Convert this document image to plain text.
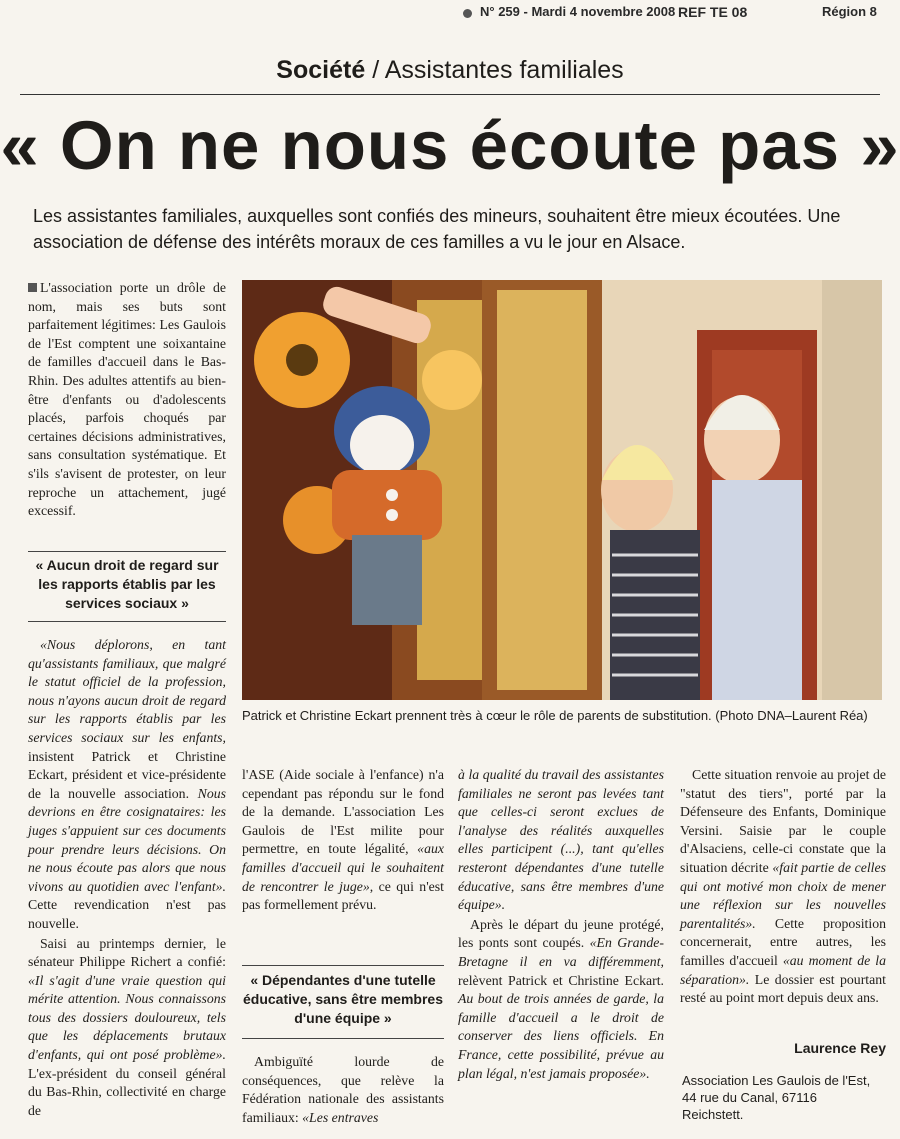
N° 259 - Mardi 4 novembre 2008 REF TE 08	Région 8
Société / Assistantes familiales
« On ne nous écoute pas »
Les assistantes familiales, auxquelles sont confiés des mineurs, souhaitent être mieux écoutées. Une association de défense des intérêts moraux de ces familles a vu le jour en Alsace.

L'association porte un drôle de nom, mais ses buts sont parfaitement légitimes: Les Gaulois de l'Est comptent une soixantaine de familles d'accueil dans le Bas-Rhin. Des adultes attentifs au bien-être d'enfants ou d'adolescents placés, parfois choqués par certaines décisions administratives, sans consultation systématique. Et s'ils s'avisent de protester, on leur reproche un attachement, jugé excessif.

« Aucun droit de regard sur les rapports établis par les services sociaux »

«Nous déplorons, en tant qu'assistants familiaux, que malgré le statut officiel de la profession, nous n'ayons aucun droit de regard sur les rapports établis par les services sociaux sur les enfants, insistent Patrick et Christine Eckart, président et vice-présidente de la nouvelle association. Nous devrions en être cosignataires: les juges s'appuient sur ces documents pour prendre leurs décisions. On ne nous écoute pas alors que nous vivons au quotidien avec l'enfant». Cette revendication n'est pas nouvelle.

Saisi au printemps dernier, le sénateur Philippe Richert a confié: «Il s'agit d'une vraie question qui mérite attention. Nous connaissons tous des dossiers douloureux, tels que les déplacements brutaux d'enfants, qui ont posé problème». L'ex-président du conseil général du Bas-Rhin, collectivité en charge de

Patrick et Christine Eckart prennent très à cœur le rôle de parents de substitution. (Photo DNA–Laurent Réa)

l'ASE (Aide sociale à l'enfance) n'a cependant pas répondu sur le fond de la demande. L'association Les Gaulois de l'Est milite pour permettre, en toute légalité, «aux familles d'accueil qui le souhaitent de rencontrer le juge», ce qui n'est pas formellement prévu.

« Dépendantes d'une tutelle éducative, sans être membres d'une équipe »

Ambiguïté lourde de conséquences, que relève la Fédération nationale des assistants familiaux: «Les entraves

à la qualité du travail des assistantes familiales ne seront pas levées tant que celles-ci seront exclues de l'analyse des réalités auxquelles elles participent (...), tant qu'elles resteront dépendantes d'une tutelle éducative, sans être membres d'une équipe».

Après le départ du jeune protégé, les ponts sont coupés. «En Grande-Bretagne il en va différemment, relèvent Patrick et Christine Eckart. Au bout de trois années de garde, la famille d'accueil a le droit de conserver des liens officiels. En France, cette possibilité, prévue au plan légal, n'est jamais proposée».

Cette situation renvoie au projet de "statut des tiers", porté par la Défenseure des Enfants, Dominique Versini. Saisie par le couple d'Alsaciens, celle-ci constate que la situation décrite «fait partie de celles qui ont motivé mon choix de mener une réflexion sur les nouvelles parentalités». Cette proposition concernerait, entre autres, les familles d'accueil «au moment de la séparation». Le dossier est pourtant resté au point mort depuis deux ans.

Laurence Rey
Association Les Gaulois de l'Est,
44 rue du Canal, 67116
Reichstett.
